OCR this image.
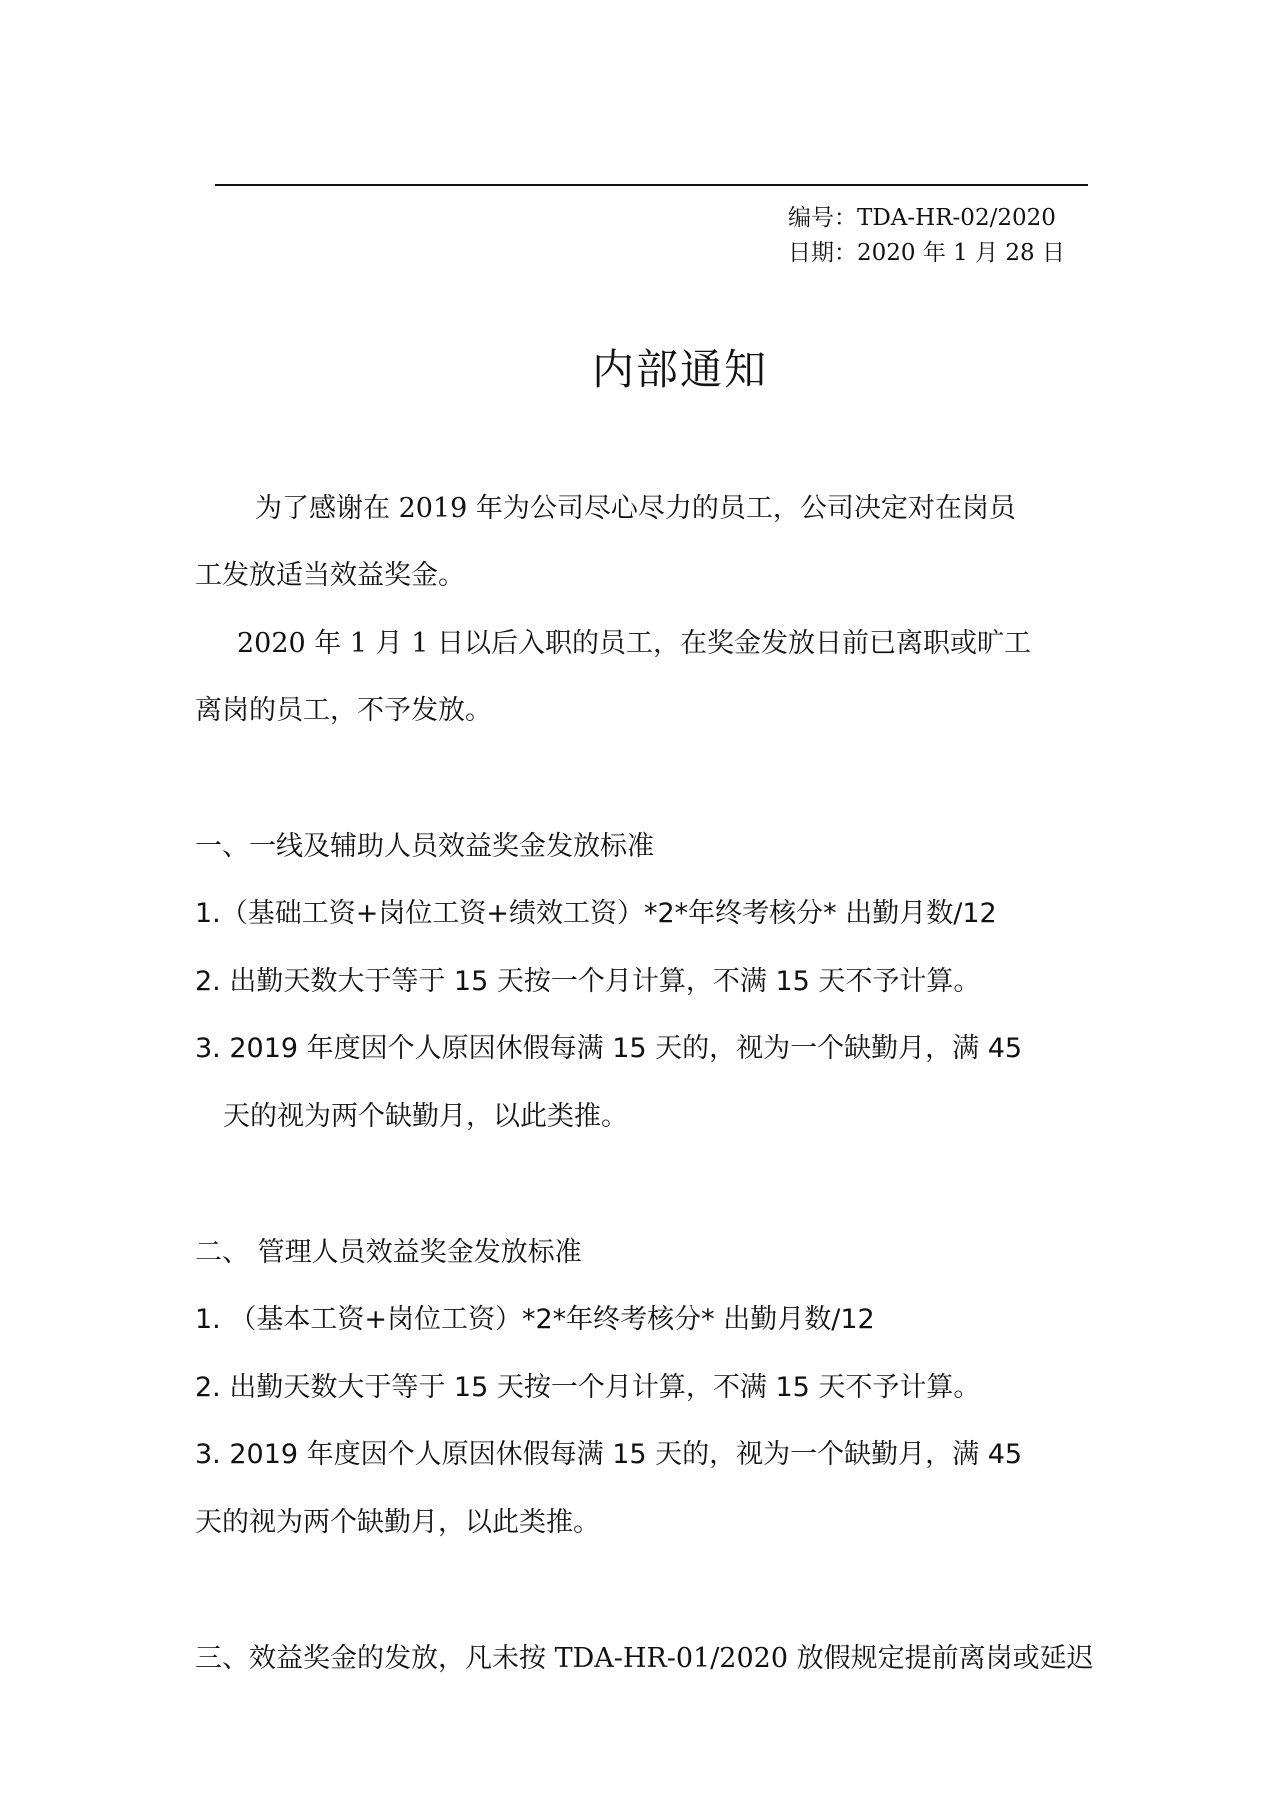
编号：TDA-HR-02/2020
日期：2020 年 1 月 28 日
内部通知
为了感谢在 2019 年为公司尽心尽力的员工，公司决定对在岗员
工发放适当效益奖金。
2020 年 1 月 1 日以后入职的员工，在奖金发放日前已离职或旷工
离岗的员工，不予发放。
一、一线及辅助人员效益奖金发放标准
1.（基础工资+岗位工资+绩效工资）*2*年终考核分* 出勤月数/12
2. 出勤天数大于等于 15 天按一个月计算，不满 15 天不予计算。
3. 2019 年度因个人原因休假每满 15 天的，视为一个缺勤月，满 45
天的视为两个缺勤月，以此类推。
二、 管理人员效益奖金发放标准
1. （基本工资+岗位工资）*2*年终考核分* 出勤月数/12
2. 出勤天数大于等于 15 天按一个月计算，不满 15 天不予计算。
3. 2019 年度因个人原因休假每满 15 天的，视为一个缺勤月，满 45
天的视为两个缺勤月，以此类推。
三、效益奖金的发放，凡未按 TDA-HR-01/2020 放假规定提前离岗或延迟
